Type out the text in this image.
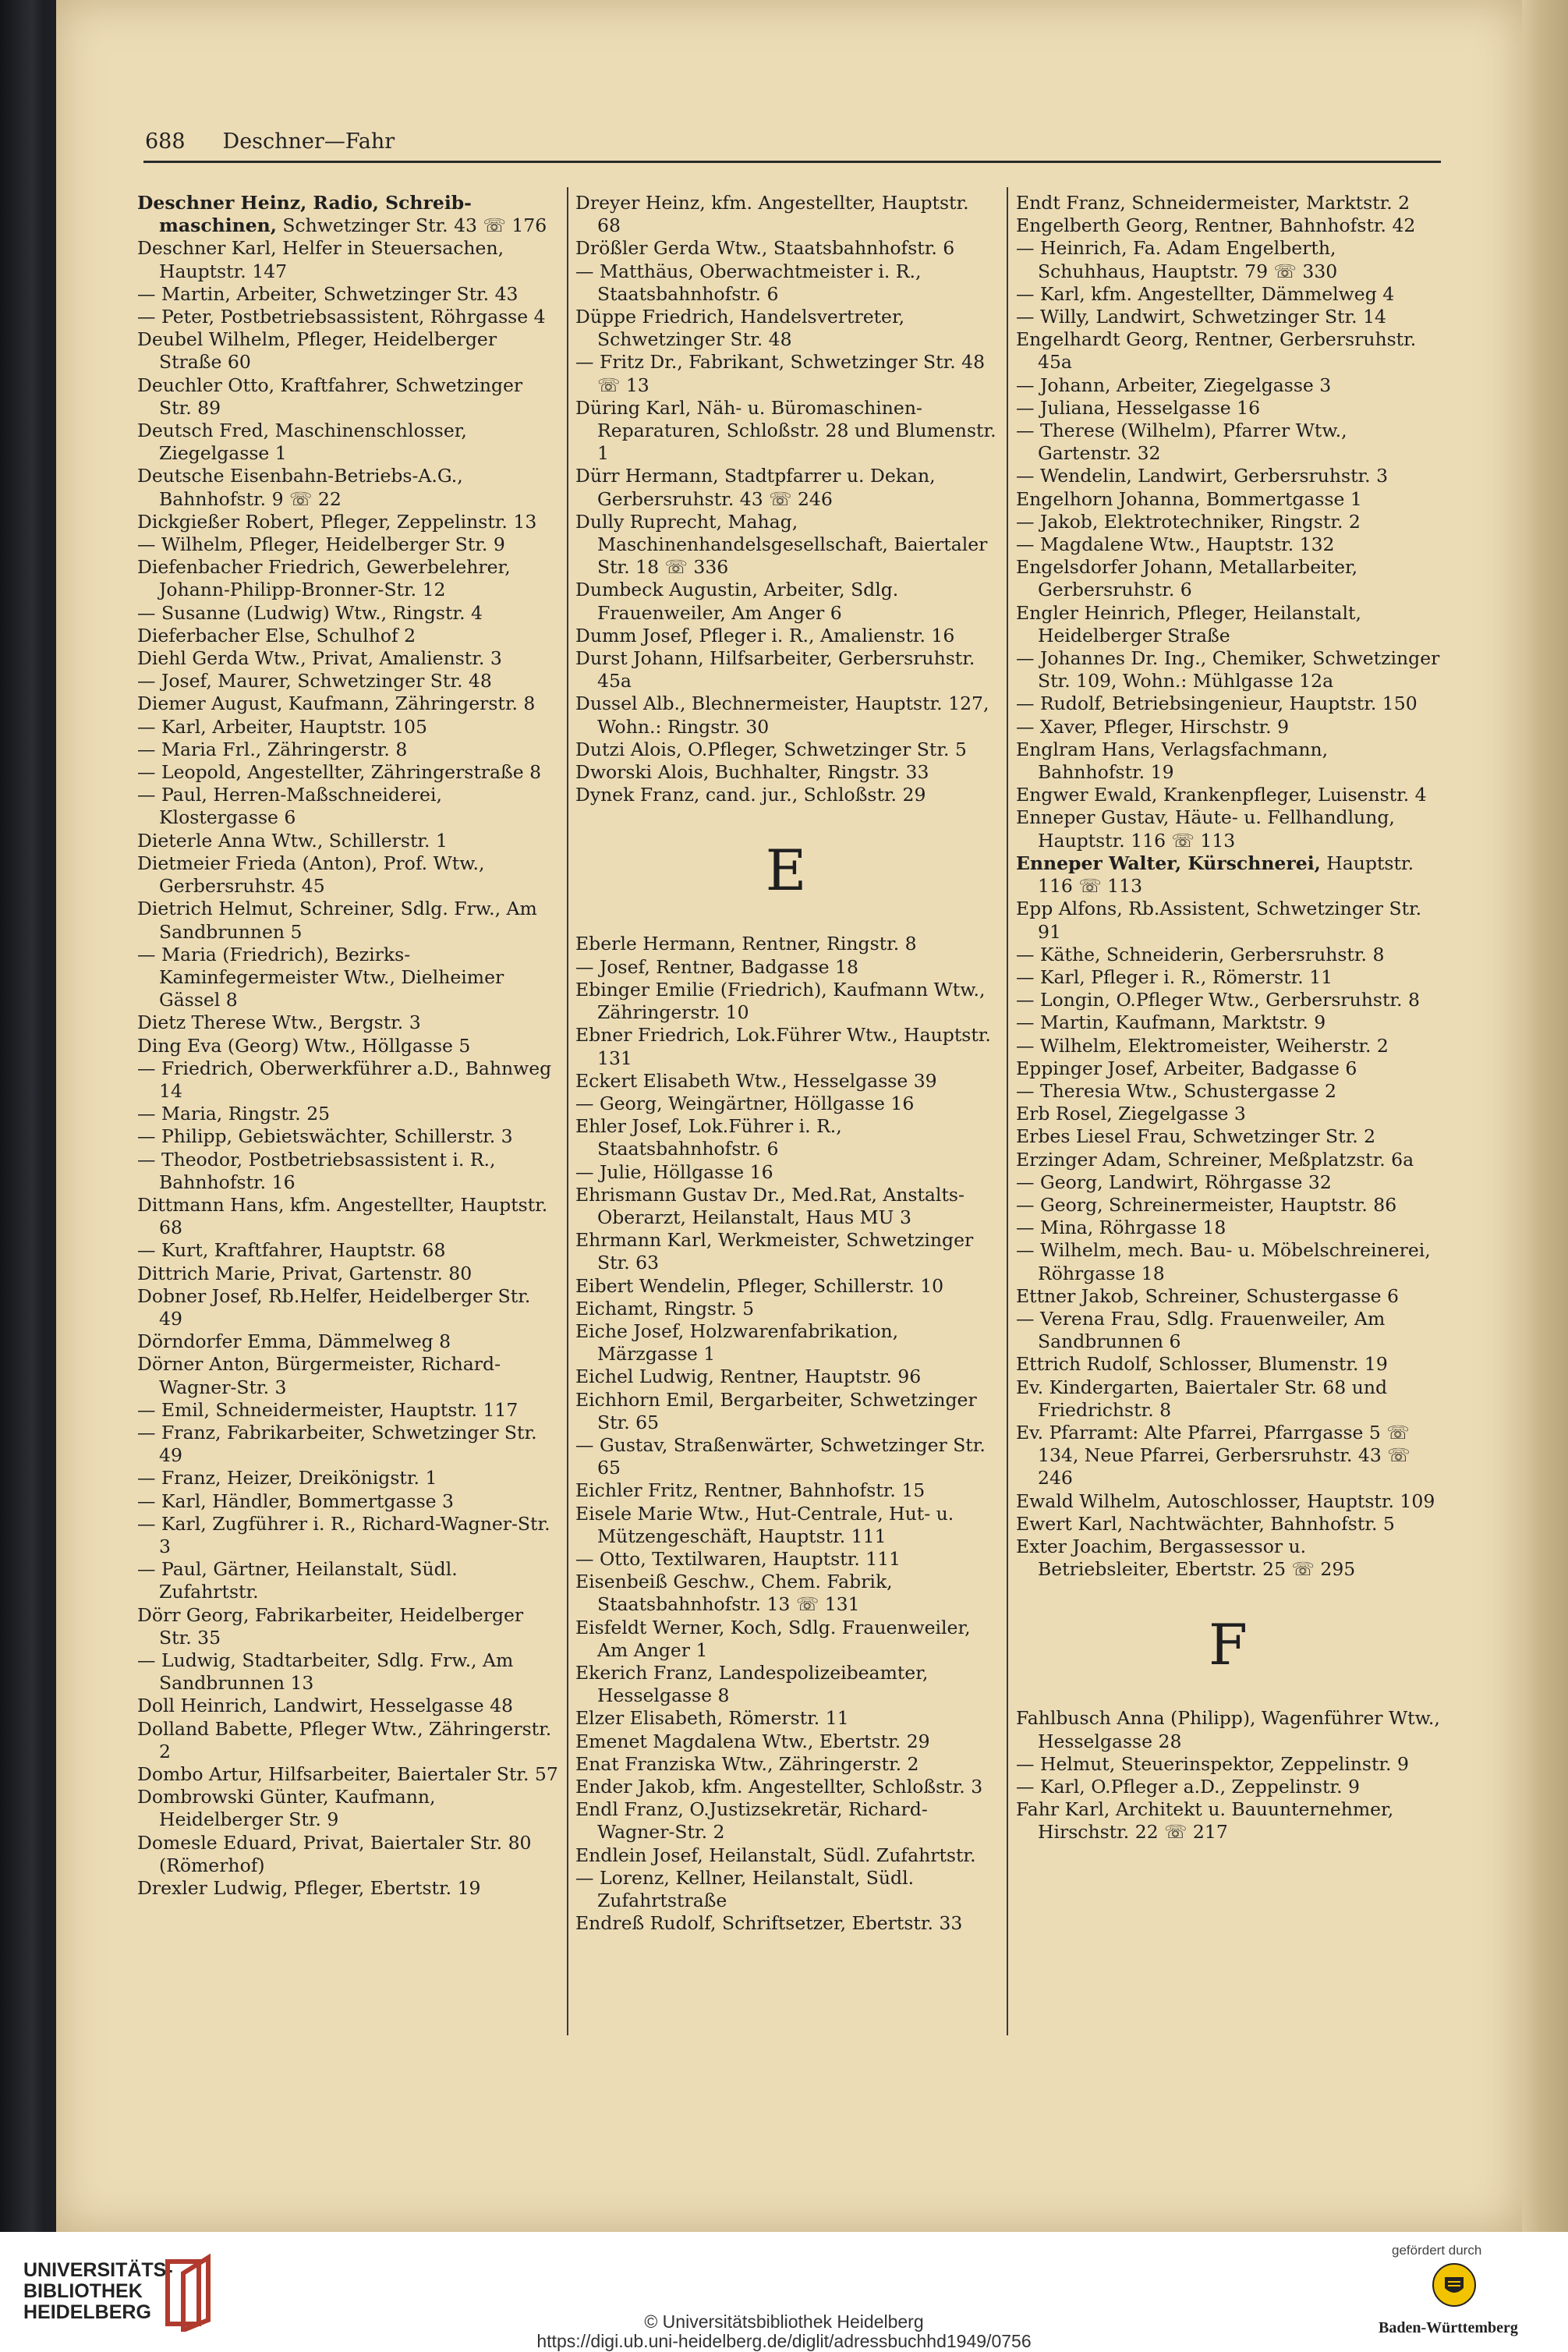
688 Deschner—Fahr

Deschner Heinz, Radio, Schreib-maschinen, Schwetzinger Str. 43 ☏ 176

Deschner Karl, Helfer in Steuersachen, Hauptstr. 147

— Martin, Arbeiter, Schwetzinger Str. 43

— Peter, Postbetriebsassistent, Röhrgasse 4

Deubel Wilhelm, Pfleger, Heidelberger Straße 60

Deuchler Otto, Kraftfahrer, Schwetzinger Str. 89

Deutsch Fred, Maschinenschlosser, Ziegelgasse 1

Deutsche Eisenbahn-Betriebs-A.G., Bahnhofstr. 9 ☏ 22

Dickgießer Robert, Pfleger, Zeppelinstr. 13

— Wilhelm, Pfleger, Heidelberger Str. 9

Diefenbacher Friedrich, Gewerbelehrer, Johann-Philipp-Bronner-Str. 12

— Susanne (Ludwig) Wtw., Ringstr. 4

Dieferbacher Else, Schulhof 2

Diehl Gerda Wtw., Privat, Amalienstr. 3

— Josef, Maurer, Schwetzinger Str. 48

Diemer August, Kaufmann, Zähringerstr. 8

— Karl, Arbeiter, Hauptstr. 105

— Maria Frl., Zähringerstr. 8

— Leopold, Angestellter, Zähringerstraße 8

— Paul, Herren-Maßschneiderei, Klostergasse 6

Dieterle Anna Wtw., Schillerstr. 1

Dietmeier Frieda (Anton), Prof. Wtw., Gerbersruhstr. 45

Dietrich Helmut, Schreiner, Sdlg. Frw., Am Sandbrunnen 5

— Maria (Friedrich), Bezirks-Kaminfegermeister Wtw., Dielheimer Gässel 8

Dietz Therese Wtw., Bergstr. 3

Ding Eva (Georg) Wtw., Höllgasse 5

— Friedrich, Oberwerkführer a.D., Bahnweg 14

— Maria, Ringstr. 25

— Philipp, Gebietswächter, Schillerstr. 3

— Theodor, Postbetriebsassistent i. R., Bahnhofstr. 16

Dittmann Hans, kfm. Angestellter, Hauptstr. 68

— Kurt, Kraftfahrer, Hauptstr. 68

Dittrich Marie, Privat, Gartenstr. 80

Dobner Josef, Rb.Helfer, Heidelberger Str. 49

Dörndorfer Emma, Dämmelweg 8

Dörner Anton, Bürgermeister, Richard-Wagner-Str. 3

— Emil, Schneidermeister, Hauptstr. 117

— Franz, Fabrikarbeiter, Schwetzinger Str. 49

— Franz, Heizer, Dreikönigstr. 1

— Karl, Händler, Bommertgasse 3

— Karl, Zugführer i. R., Richard-Wagner-Str. 3

— Paul, Gärtner, Heilanstalt, Südl. Zufahrtstr.

Dörr Georg, Fabrikarbeiter, Heidelberger Str. 35

— Ludwig, Stadtarbeiter, Sdlg. Frw., Am Sandbrunnen 13

Doll Heinrich, Landwirt, Hesselgasse 48

Dolland Babette, Pfleger Wtw., Zähringerstr. 2

Dombo Artur, Hilfsarbeiter, Baiertaler Str. 57

Dombrowski Günter, Kaufmann, Heidelberger Str. 9

Domesle Eduard, Privat, Baiertaler Str. 80 (Römerhof)

Drexler Ludwig, Pfleger, Ebertstr. 19

Dreyer Heinz, kfm. Angestellter, Hauptstr. 68

Drößler Gerda Wtw., Staatsbahnhofstr. 6

— Matthäus, Oberwachtmeister i. R., Staatsbahnhofstr. 6

Düppe Friedrich, Handelsvertreter, Schwetzinger Str. 48

— Fritz Dr., Fabrikant, Schwetzinger Str. 48 ☏ 13

Düring Karl, Näh- u. Büromaschinen-Reparaturen, Schloßstr. 28 und Blumenstr. 1

Dürr Hermann, Stadtpfarrer u. Dekan, Gerbersruhstr. 43 ☏ 246

Dully Ruprecht, Mahag, Maschinenhandelsgesellschaft, Baiertaler Str. 18 ☏ 336

Dumbeck Augustin, Arbeiter, Sdlg. Frauenweiler, Am Anger 6

Dumm Josef, Pfleger i. R., Amalienstr. 16

Durst Johann, Hilfsarbeiter, Gerbersruhstr. 45a

Dussel Alb., Blechnermeister, Hauptstr. 127, Wohn.: Ringstr. 30

Dutzi Alois, O.Pfleger, Schwetzinger Str. 5

Dworski Alois, Buchhalter, Ringstr. 33

Dynek Franz, cand. jur., Schloßstr. 29

E

Eberle Hermann, Rentner, Ringstr. 8

— Josef, Rentner, Badgasse 18

Ebinger Emilie (Friedrich), Kaufmann Wtw., Zähringerstr. 10

Ebner Friedrich, Lok.Führer Wtw., Hauptstr. 131

Eckert Elisabeth Wtw., Hesselgasse 39

— Georg, Weingärtner, Höllgasse 16

Ehler Josef, Lok.Führer i. R., Staatsbahnhofstr. 6

— Julie, Höllgasse 16

Ehrismann Gustav Dr., Med.Rat, Anstalts-Oberarzt, Heilanstalt, Haus MU 3

Ehrmann Karl, Werkmeister, Schwetzinger Str. 63

Eibert Wendelin, Pfleger, Schillerstr. 10

Eichamt, Ringstr. 5

Eiche Josef, Holzwarenfabrikation, Märzgasse 1

Eichel Ludwig, Rentner, Hauptstr. 96

Eichhorn Emil, Bergarbeiter, Schwetzinger Str. 65

— Gustav, Straßenwärter, Schwetzinger Str. 65

Eichler Fritz, Rentner, Bahnhofstr. 15

Eisele Marie Wtw., Hut-Centrale, Hut- u. Mützengeschäft, Hauptstr. 111

— Otto, Textilwaren, Hauptstr. 111

Eisenbeiß Geschw., Chem. Fabrik, Staatsbahnhofstr. 13 ☏ 131

Eisfeldt Werner, Koch, Sdlg. Frauenweiler, Am Anger 1

Ekerich Franz, Landespolizeibeamter, Hesselgasse 8

Elzer Elisabeth, Römerstr. 11

Emenet Magdalena Wtw., Ebertstr. 29

Enat Franziska Wtw., Zähringerstr. 2

Ender Jakob, kfm. Angestellter, Schloßstr. 3

Endl Franz, O.Justizsekretär, Richard-Wagner-Str. 2

Endlein Josef, Heilanstalt, Südl. Zufahrtstr.

— Lorenz, Kellner, Heilanstalt, Südl. Zufahrtstraße

Endreß Rudolf, Schriftsetzer, Ebertstr. 33

Endt Franz, Schneidermeister, Marktstr. 2

Engelberth Georg, Rentner, Bahnhofstr. 42

— Heinrich, Fa. Adam Engelberth, Schuhhaus, Hauptstr. 79 ☏ 330

— Karl, kfm. Angestellter, Dämmelweg 4

— Willy, Landwirt, Schwetzinger Str. 14

Engelhardt Georg, Rentner, Gerbersruhstr. 45a

— Johann, Arbeiter, Ziegelgasse 3

— Juliana, Hesselgasse 16

— Therese (Wilhelm), Pfarrer Wtw., Gartenstr. 32

— Wendelin, Landwirt, Gerbersruhstr. 3

Engelhorn Johanna, Bommertgasse 1

— Jakob, Elektrotechniker, Ringstr. 2

— Magdalene Wtw., Hauptstr. 132

Engelsdorfer Johann, Metallarbeiter, Gerbersruhstr. 6

Engler Heinrich, Pfleger, Heilanstalt, Heidelberger Straße

— Johannes Dr. Ing., Chemiker, Schwetzinger Str. 109, Wohn.: Mühlgasse 12a

— Rudolf, Betriebsingenieur, Hauptstr. 150

— Xaver, Pfleger, Hirschstr. 9

Englram Hans, Verlagsfachmann, Bahnhofstr. 19

Engwer Ewald, Krankenpfleger, Luisenstr. 4

Enneper Gustav, Häute- u. Fellhandlung, Hauptstr. 116 ☏ 113

Enneper Walter, Kürschnerei, Hauptstr. 116 ☏ 113

Epp Alfons, Rb.Assistent, Schwetzinger Str. 91

— Käthe, Schneiderin, Gerbersruhstr. 8

— Karl, Pfleger i. R., Römerstr. 11

— Longin, O.Pfleger Wtw., Gerbersruhstr. 8

— Martin, Kaufmann, Marktstr. 9

— Wilhelm, Elektromeister, Weiherstr. 2

Eppinger Josef, Arbeiter, Badgasse 6

— Theresia Wtw., Schustergasse 2

Erb Rosel, Ziegelgasse 3

Erbes Liesel Frau, Schwetzinger Str. 2

Erzinger Adam, Schreiner, Meßplatzstr. 6a

— Georg, Landwirt, Röhrgasse 32

— Georg, Schreinermeister, Hauptstr. 86

— Mina, Röhrgasse 18

— Wilhelm, mech. Bau- u. Möbelschreinerei, Röhrgasse 18

Ettner Jakob, Schreiner, Schustergasse 6

— Verena Frau, Sdlg. Frauenweiler, Am Sandbrunnen 6

Ettrich Rudolf, Schlosser, Blumenstr. 19

Ev. Kindergarten, Baiertaler Str. 68 und Friedrichstr. 8

Ev. Pfarramt: Alte Pfarrei, Pfarrgasse 5 ☏ 134, Neue Pfarrei, Gerbersruhstr. 43 ☏ 246

Ewald Wilhelm, Autoschlosser, Hauptstr. 109

Ewert Karl, Nachtwächter, Bahnhofstr. 5

Exter Joachim, Bergassessor u. Betriebsleiter, Ebertstr. 25 ☏ 295

F

Fahlbusch Anna (Philipp), Wagenführer Wtw., Hesselgasse 28

— Helmut, Steuerinspektor, Zeppelinstr. 9

— Karl, O.Pfleger a.D., Zeppelinstr. 9

Fahr Karl, Architekt u. Bauunternehmer, Hirschstr. 22 ☏ 217

UNIVERSITÄTS-
BIBLIOTHEK
HEIDELBERG	© Universitätsbibliothek Heidelberg
https://digi.ub.uni-heidelberg.de/diglit/adressbuchhd1949/0756
gefördert durch
Baden-Württemberg
